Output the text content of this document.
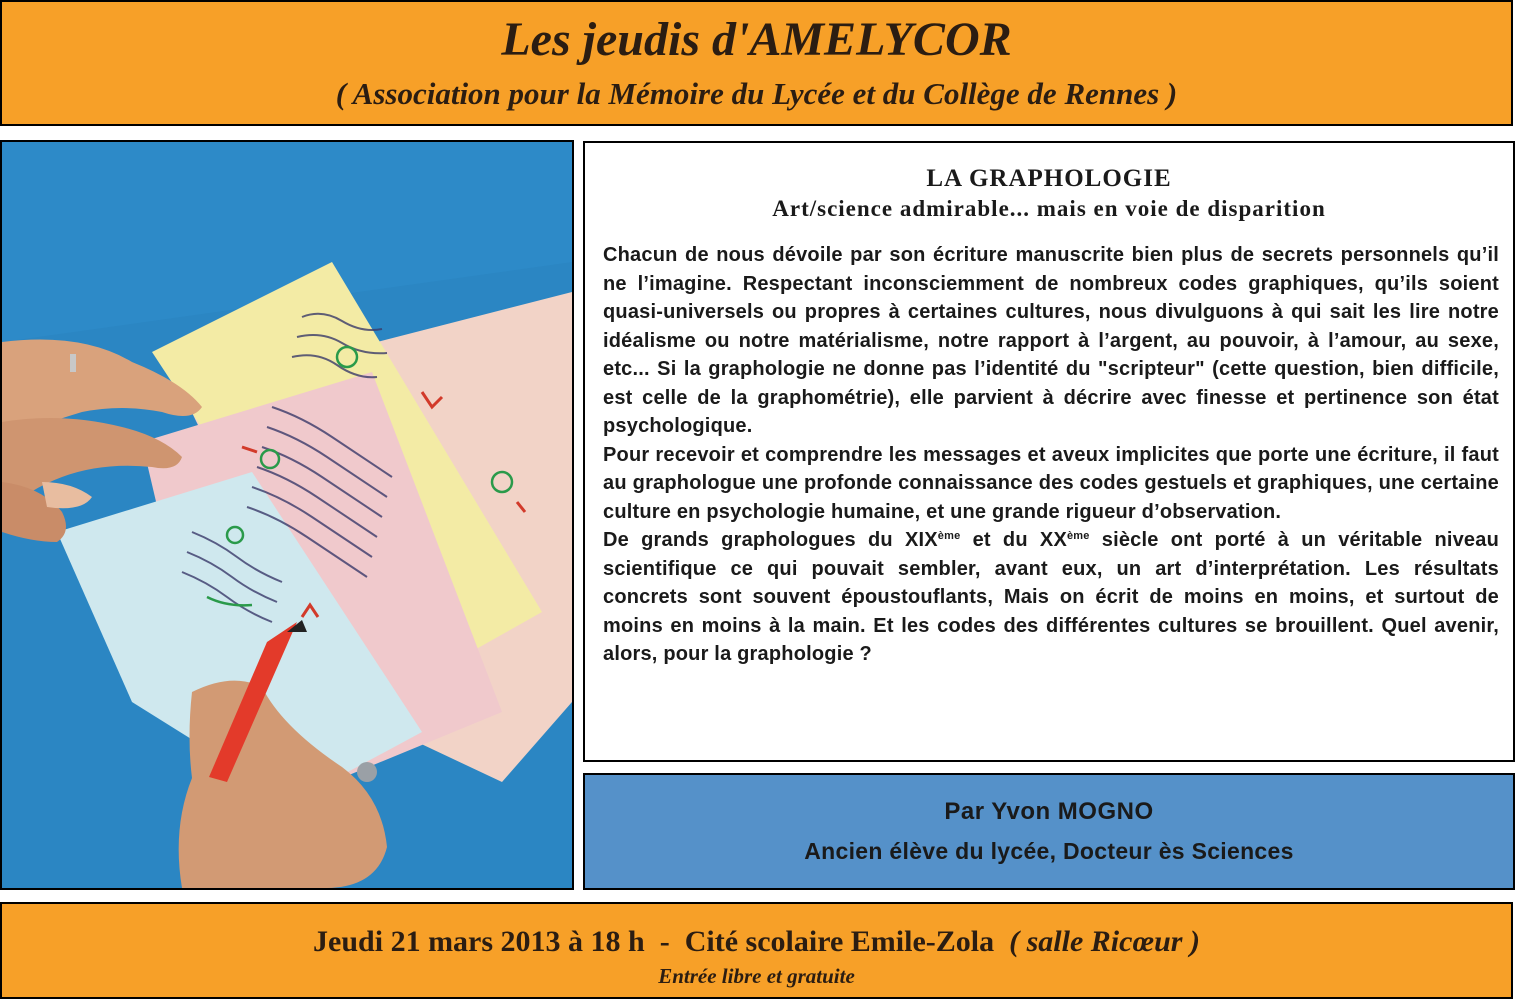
Les jeudis d'AMELYCOR
( Association pour la Mémoire du Lycée et du Collège de Rennes )
LA GRAPHOLOGIE
Art/science admirable... mais en voie de disparition

Chacun de nous dévoile par son écriture manuscrite bien plus de secrets personnels qu’il ne l’imagine. Respectant inconsciemment de nombreux codes graphiques, qu’ils soient quasi-universels ou propres à certaines cultures, nous divulguons à qui sait les lire notre idéalisme ou notre matérialisme, notre rapport à l’argent, au pouvoir, à l’amour, au sexe, etc... Si la graphologie ne donne pas l’identité du "scripteur" (cette question, bien difficile, est celle de la graphométrie), elle parvient à décrire avec finesse et pertinence son état psychologique.

Pour recevoir et comprendre les messages et aveux implicites que porte une écriture, il faut au graphologue une profonde connaissance des codes gestuels et graphiques, une certaine culture en psychologie humaine, et une grande rigueur d’observation.

De grands graphologues du XIXème et du XXème siècle ont porté à un véritable niveau scientifique ce qui pouvait sembler, avant eux, un art d’interprétation. Les résultats concrets sont souvent époustouflants, Mais on écrit de moins en moins, et surtout de moins en moins à la main. Et les codes des différentes cultures se brouillent. Quel avenir, alors, pour la graphologie ?

Par Yvon MOGNO
Ancien élève du lycée, Docteur ès Sciences
Jeudi 21 mars 2013 à 18 h  -  Cité scolaire Emile-Zola  ( salle Ricœur )
Entrée libre et gratuite
